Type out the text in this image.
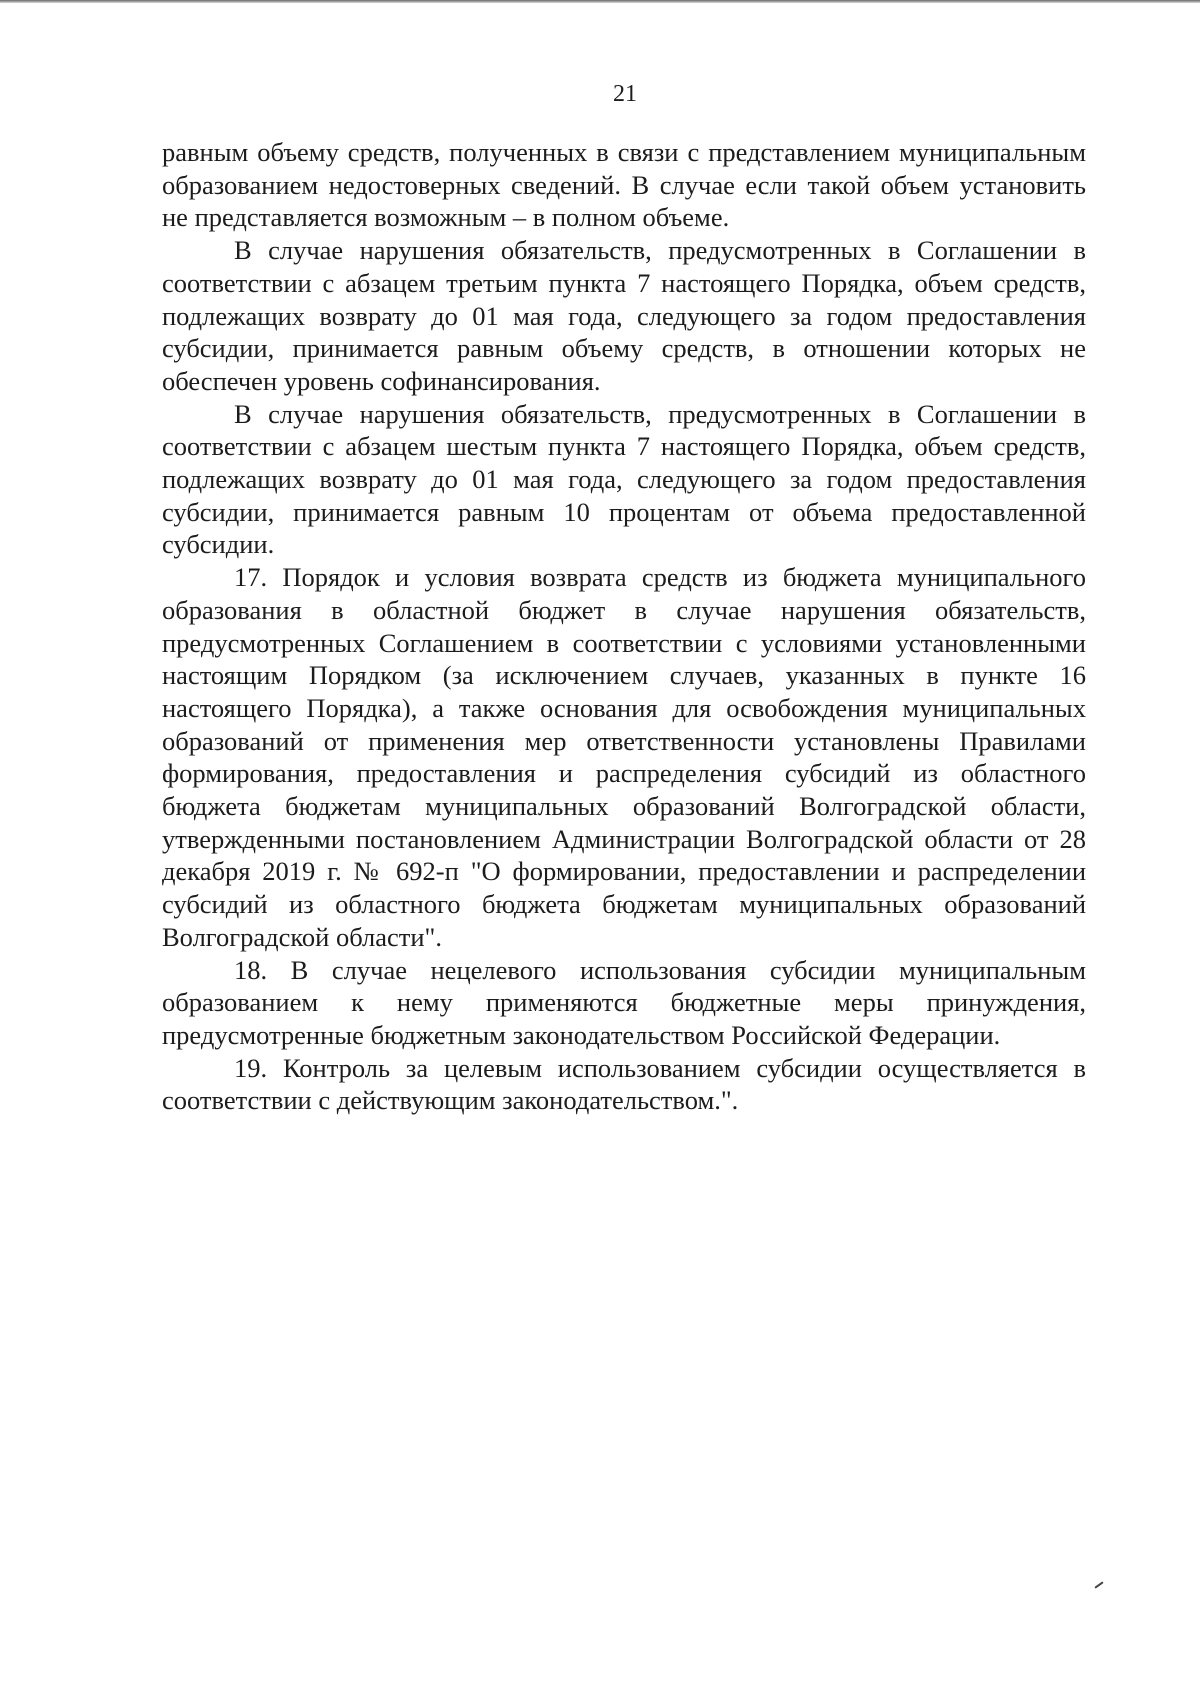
21

равным объему средств, полученных в связи с представлением муниципальным образованием недостоверных сведений. В случае если такой объем установить не представляется возможным – в полном объеме.

В случае нарушения обязательств, предусмотренных в Соглашении в соответствии с абзацем третьим пункта 7 настоящего Порядка, объем средств, подлежащих возврату до 01 мая года, следующего за годом предоставления субсидии, принимается равным объему средств, в отношении которых не обеспечен уровень софинансирования.

В случае нарушения обязательств, предусмотренных в Соглашении в соответствии с абзацем шестым пункта 7 настоящего Порядка, объем средств, подлежащих возврату до 01 мая года, следующего за годом предоставления субсидии, принимается равным 10 процентам от объема предоставленной субсидии.

17. Порядок и условия возврата средств из бюджета муниципального образования в областной бюджет в случае нарушения обязательств, предусмотренных Соглашением в соответствии с условиями установленными настоящим Порядком (за исключением случаев, указанных в пункте 16 настоящего Порядка), а также основания для освобождения муниципальных образований от применения мер ответственности установлены Правилами формирования, предоставления и распределения субсидий из областного бюджета бюджетам муниципальных образований Волгоградской области, утвержденными постановлением Администрации Волгоградской области от 28 декабря 2019 г. № 692-п "О формировании, предоставлении и распределении субсидий из областного бюджета бюджетам муниципальных образований Волгоградской области".

18. В случае нецелевого использования субсидии муниципальным образованием к нему применяются бюджетные меры принуждения, предусмотренные бюджетным законодательством Российской Федерации.

19. Контроль за целевым использованием субсидии осуществляется в соответствии с действующим законодательством.".
